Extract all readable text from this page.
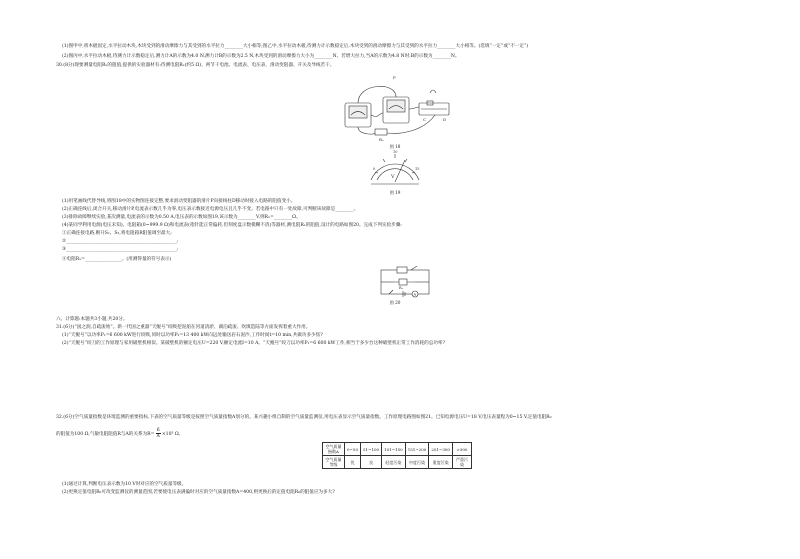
(1)图甲中,将木板固定,水平拉动木块,木块受到的滑动摩擦力与其受到的水平拉力________大小相等;图乙中,水平拉动木板,待测力计示数稳定后,木块受到的滑动摩擦力与其受到的水平拉力________大小相等。(选填“一定”或“不一定”)
(2)图丙中,水平拉动木板,待测力计示数稳定后,测力计A的示数为4.0 N,测力计B的示数为2.5 N,木块受到的滑动摩擦力大小为________N。若增大拉力,当A的示数为4.8 N时,B的示数为________N。
30.(8分)现要测量电阻Rₓ的阻值,提供的实验器材有:待测电阻Rₓ(约5 Ω)、两节干电池、电流表、电压表、滑动变阻器、开关及导线若干。
P
C	D
Rₓ
图 18
V
0
10
15
图 19
(1)用笔画线代替导线,将图18中的实物图连接完整,要求滑动变阻器的滑片P向接线柱D移动时接入电路的阻值变小。
(2)正确连线后,闭合开关,移动滑片P,电流表示数几乎为零,电压表示数接近电源电压且几乎不变。若电路中只有一处故障,可判断该故障是________。
(3)排除故障继续实验,某次测量,电流表的示数为0.50 A,电压表的示数如图19,该示数为________V,则Rₓ=________Ω。
(4)某同学利用电源(电压未知)、电阻箱(0~999.9 Ω)和电流表(指针能正常偏转,但刻度盘示数模糊不清)等器材,测电阻Rₓ的阻值,设计的电路如图20。完成下列实验步骤:
①正确连接电路,断开S₁、S₂,将电阻箱R阻值调至最大;
②________________________________________________;
③________________________________________________;
④电阻Rₓ=________________。(用测得量的符号表示)
Rₓ
A
图 20
六、计算题:本题共3小题,共20分。
31.(6分)“国之润,自疏浚始”。新一代国之重器“天鲲号”绞吸挖泥船在河道清淤、湖泊疏浚、吹填造陆等方面发挥着重大作用。
(1)“天鲲号”以功率P₁=6 600 kW进行绞吸,同时以功率P₂=13 400 kW向远处输送岩石泥沙,工作时间t=10 min,共做功多少焦?
(2)“天鲲号”绞刀的工作原理与家用破壁机相似。某破壁机的额定电压U=220 V,额定电流I=10 A。“天鲲号”绞刀以功率P₁=6 600 kW工作,相当于多少台这种破壁机正常工作消耗的总功率?
32.(6分)空气质量指数是环境监测的重要指标,下表的空气质量等级是按照空气质量指数A划分的。某兴趣小组自制的空气质量监测仪,用电压表显示空气质量指数。工作原理电路图如图21。已知电源电压U=18 V,电压表量程为0~15 V,定值电阻R₀
的阻值为100 Ω,气敏电阻阻值R与A的关系为$R= \frac{6}{A} \times 10^3$ Ω。
空气质量指数A	0~50	51~100	101~150	151~200	201~300	>300
空气质量等级	优	良	轻度污染	中度污染	重度污染	严重污染
(1)通过计算,判断电压表示数为10 V时对应的空气质量等级。
(2)更换定值电阻R₀可改变监测仪的测量范围,若要使电压表满偏时对应的空气质量指数A=400,则更换后的定值电阻R₀的阻值应为多大?
